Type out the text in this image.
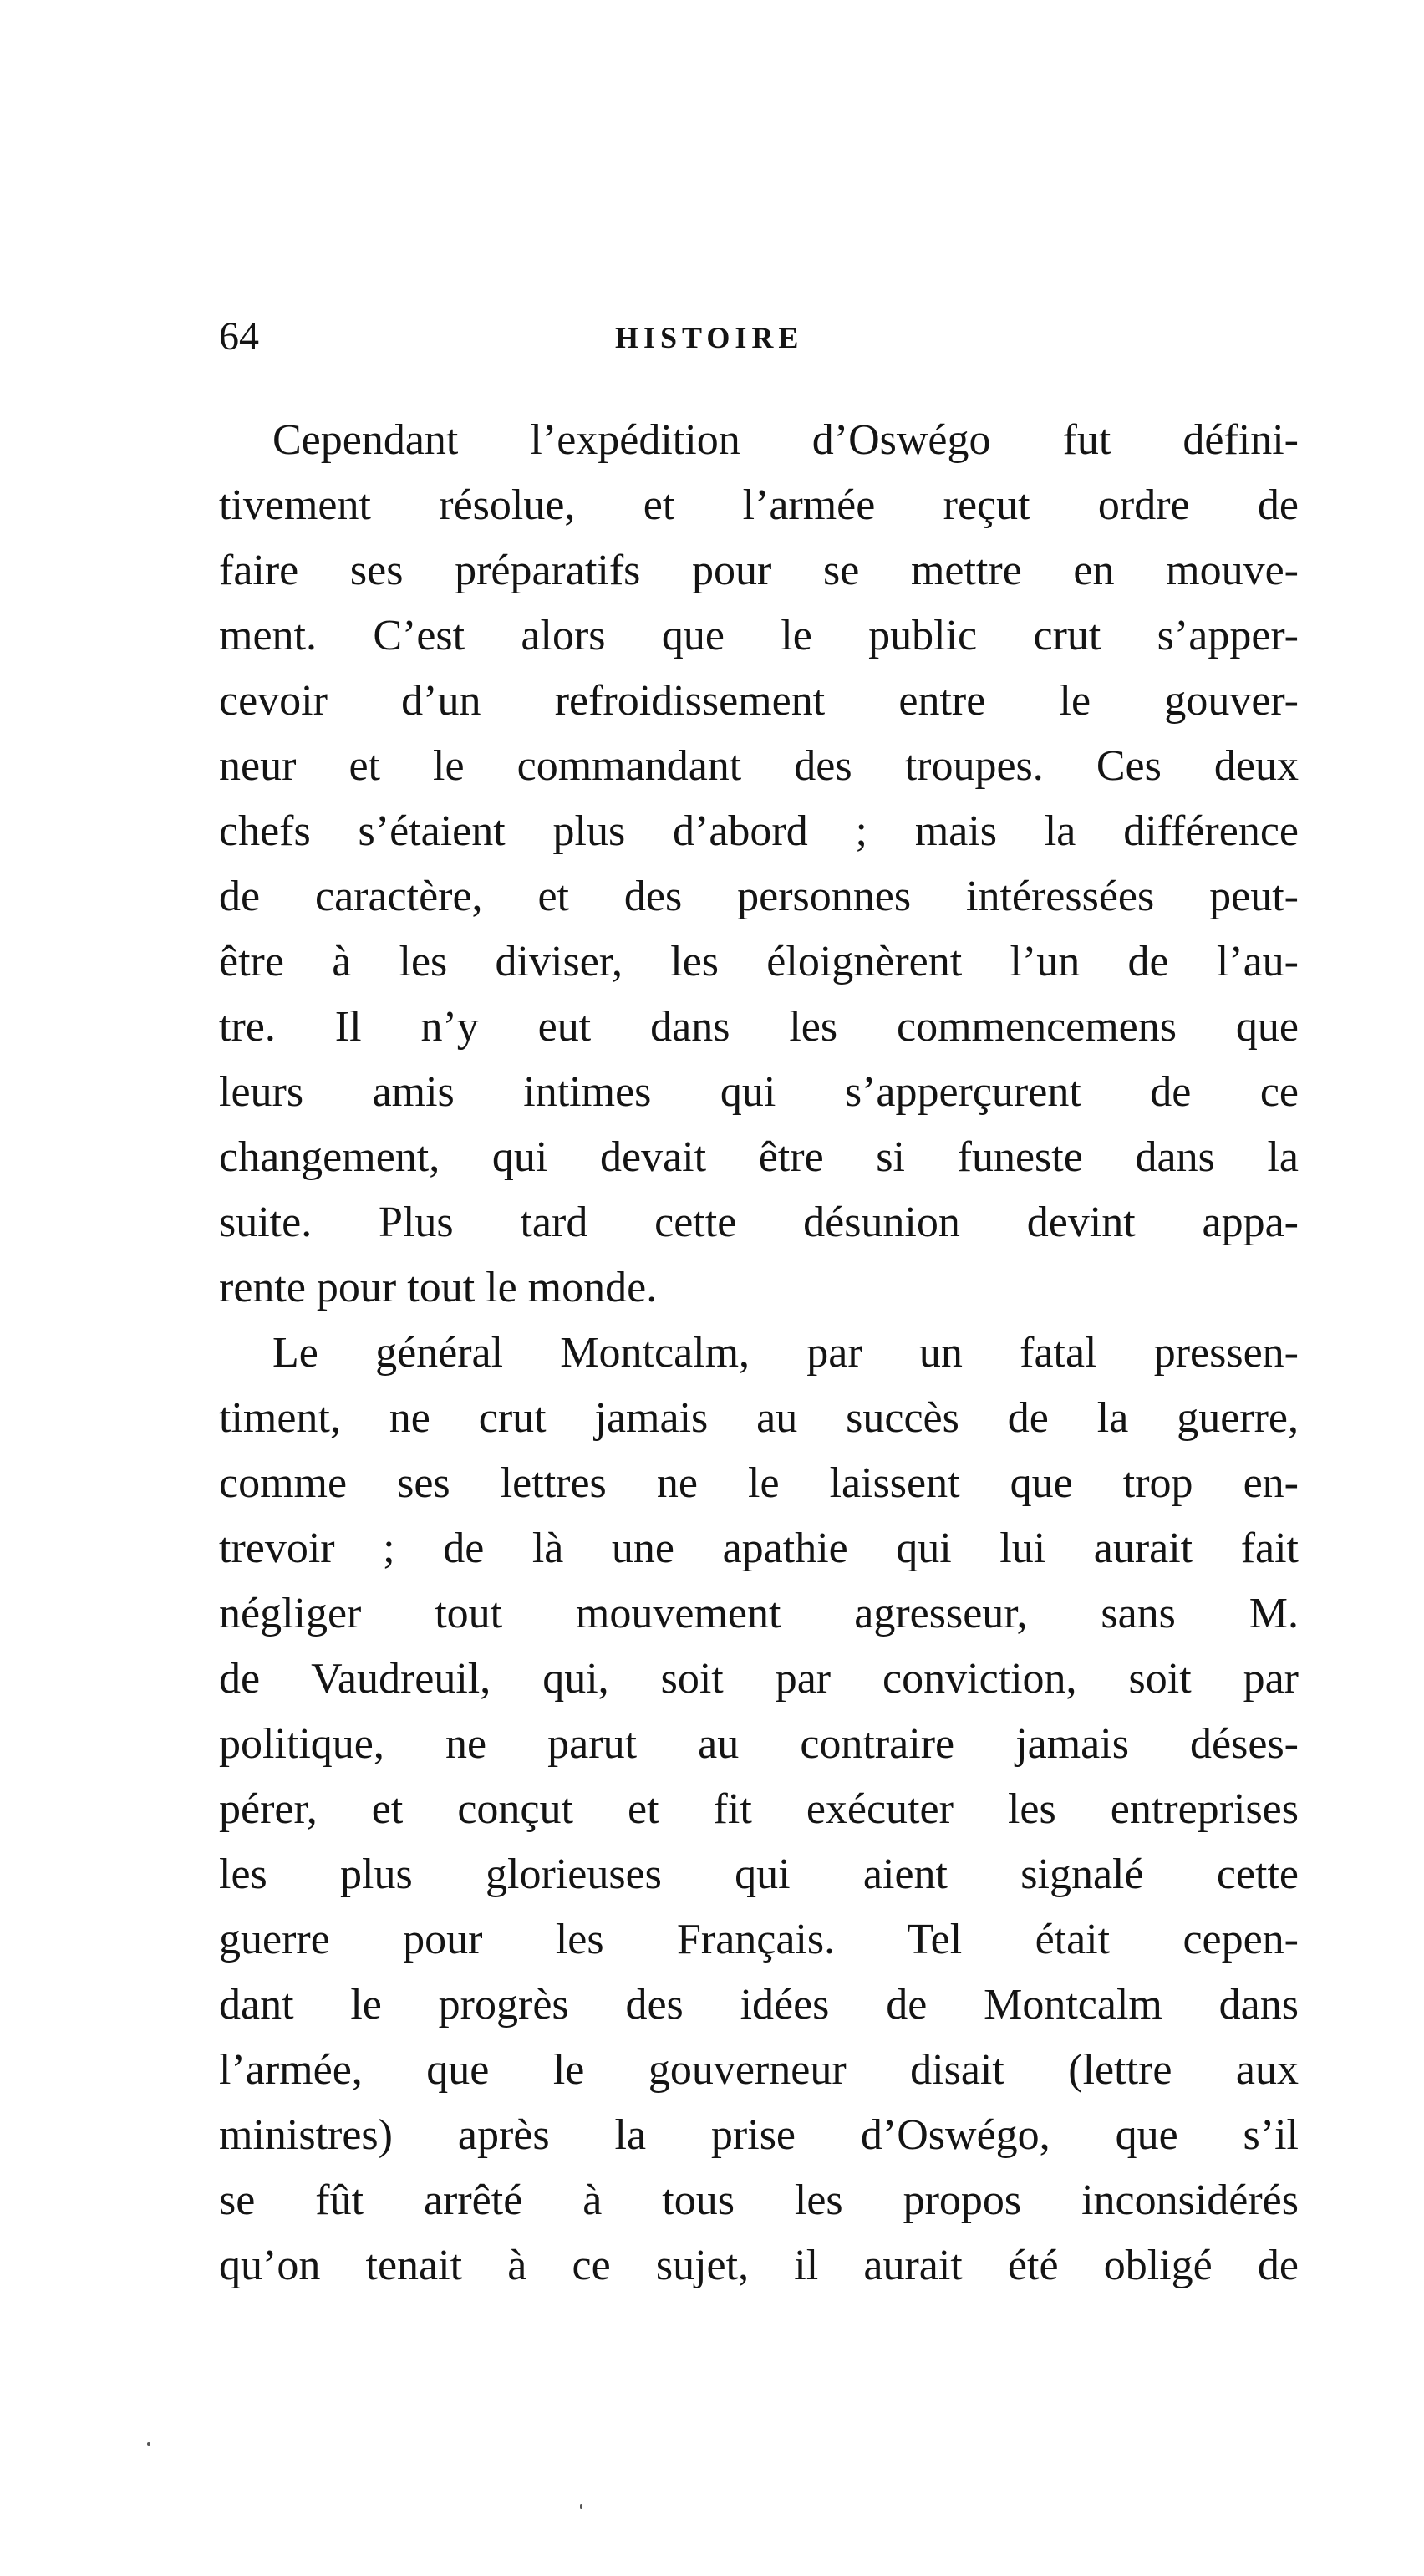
64	HISTOIRE
Cependant l’expédition d’Oswégo fut défini-
tivement résolue, et l’armée reçut ordre de
faire ses préparatifs pour se mettre en mouve-
ment. C’est alors que le public crut s’apper-
cevoir d’un refroidissement entre le gouver-
neur et le commandant des troupes. Ces deux
chefs s’étaient plus d’abord ; mais la différence
de caractère, et des personnes intéressées peut-
être à les diviser, les éloignèrent l’un de l’au-
tre. Il n’y eut dans les commencemens que
leurs amis intimes qui s’apperçurent de ce
changement, qui devait être si funeste dans la
suite. Plus tard cette désunion devint appa-
rente pour tout le monde.
Le général Montcalm, par un fatal pressen-
timent, ne crut jamais au succès de la guerre,
comme ses lettres ne le laissent que trop en-
trevoir ; de là une apathie qui lui aurait fait
négliger tout mouvement agresseur, sans M.
de Vaudreuil, qui, soit par conviction, soit par
politique, ne parut au contraire jamais déses-
pérer, et conçut et fit exécuter les entreprises
les plus glorieuses qui aient signalé cette
guerre pour les Français. Tel était cepen-
dant le progrès des idées de Montcalm dans
l’armée, que le gouverneur disait (lettre aux
ministres) après la prise d’Oswégo, que s’il
se fût arrêté à tous les propos inconsidérés
qu’on tenait à ce sujet, il aurait été obligé de
